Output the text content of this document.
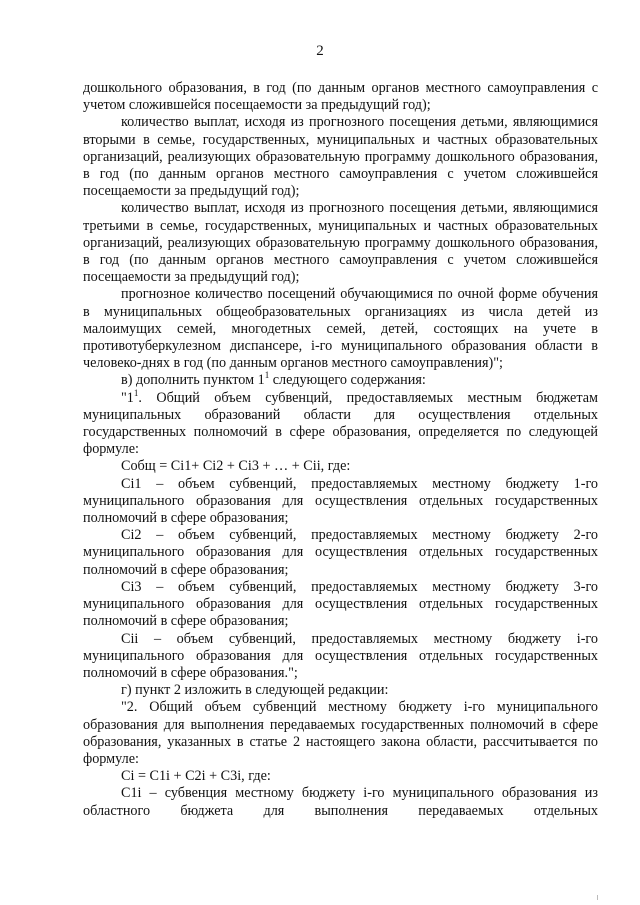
2

дошкольного образования, в год (по данным органов местного самоуправления с учетом сложившейся посещаемости за предыдущий год);

количество выплат, исходя из прогнозного посещения детьми, являющимися вторыми в семье, государственных, муниципальных и частных образовательных организаций, реализующих образовательную программу дошкольного образования, в год (по данным органов местного самоуправления с учетом сложившейся посещаемости за предыдущий год);

количество выплат, исходя из прогнозного посещения детьми, являющимися третьими в семье, государственных, муниципальных и частных образовательных организаций, реализующих образовательную программу дошкольного образования, в год (по данным органов местного самоуправления с учетом сложившейся посещаемости за предыдущий год);

прогнозное количество посещений обучающимися по очной форме обучения в муниципальных общеобразовательных организациях из числа детей из малоимущих семей, многодетных семей, детей, состоящих на учете в противотуберкулезном диспансере, i-го муниципального образования области в человеко-днях в год (по данным органов местного самоуправления)";

в) дополнить пунктом $1^1$ следующего содержания:

"$1^1$. Общий объем субвенций, предоставляемых местным бюджетам муниципальных образований области для осуществления отдельных государственных полномочий в сфере образования, определяется по следующей формуле:

Собщ = Сi1+ Сi2 + Сi3 + … + Сii, где:

Сi1 – объем субвенций, предоставляемых местному бюджету 1-го муниципального образования для осуществления отдельных государственных полномочий в сфере образования;

Сi2 – объем субвенций, предоставляемых местному бюджету 2-го муниципального образования для осуществления отдельных государственных полномочий в сфере образования;

Сi3 – объем субвенций, предоставляемых местному бюджету 3-го муниципального образования для осуществления отдельных государственных полномочий в сфере образования;

Сii – объем субвенций, предоставляемых местному бюджету i-го муниципального образования для осуществления отдельных государственных полномочий в сфере образования.";

г) пункт 2 изложить в следующей редакции:

"2. Общий объем субвенций местному бюджету i-го муниципального образования для выполнения передаваемых государственных полномочий в сфере образования, указанных в статье 2 настоящего закона области, рассчитывается по формуле:

Сi = С1i + С2i + С3i, где:

С1i – субвенция местному бюджету i-го муниципального образования из областного бюджета для выполнения передаваемых отдельных
